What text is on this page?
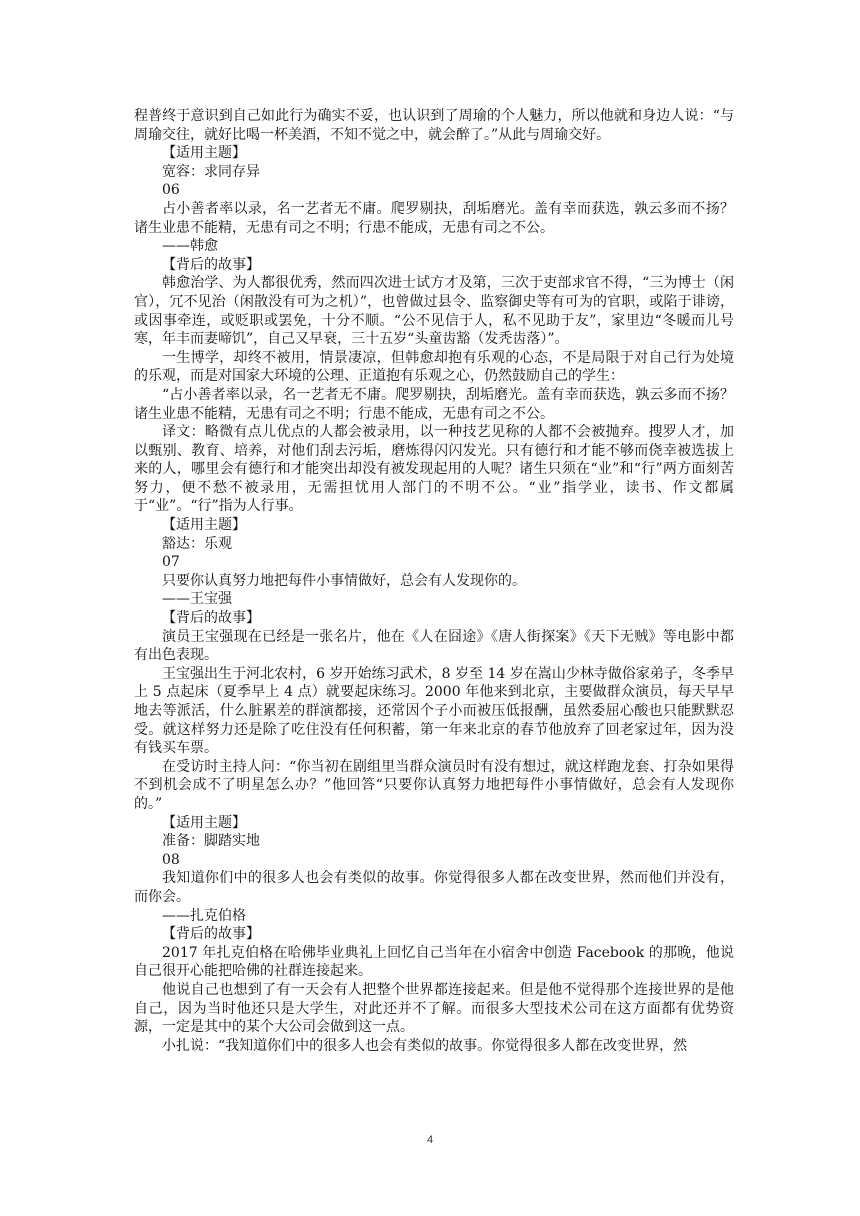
程普终于意识到自己如此行为确实不妥，也认识到了周瑜的个人魅力，所以他就和身边人说：“与周瑜交往，就好比喝一杯美酒，不知不觉之中，就会醉了。”从此与周瑜交好。

【适用主题】

宽容：求同存异

06

占小善者率以录，名一艺者无不庸。爬罗剔抉，刮垢磨光。盖有幸而获选，孰云多而不扬？诸生业患不能精，无患有司之不明；行患不能成，无患有司之不公。

——韩愈

【背后的故事】

韩愈治学、为人都很优秀，然而四次进士试方才及第，三次于吏部求官不得，“三为博士（闲官），冗不见治（闲散没有可为之机）”，也曾做过县令、监察御史等有可为的官职，或陷于诽谤，或因事牵连，或贬职或罢免，十分不顺。“公不见信于人，私不见助于友”，家里边“冬暖而儿号寒，年丰而妻啼饥”，自己又早衰，三十五岁“头童齿豁（发秃齿落）”。

一生博学，却终不被用，情景凄凉，但韩愈却抱有乐观的心态，不是局限于对自己行为处境的乐观，而是对国家大环境的公理、正道抱有乐观之心，仍然鼓励自己的学生：

“占小善者率以录，名一艺者无不庸。爬罗剔抉，刮垢磨光。盖有幸而获选，孰云多而不扬？诸生业患不能精，无患有司之不明；行患不能成，无患有司之不公。

译文：略微有点儿优点的人都会被录用，以一种技艺见称的人都不会被抛弃。搜罗人才，加以甄别、教育、培养，对他们刮去污垢，磨炼得闪闪发光。只有德行和才能不够而侥幸被选拔上来的人，哪里会有德行和才能突出却没有被发现起用的人呢？诸生只须在“业”和“行”两方面刻苦努力，便不愁不被录用，无需担忧用人部门的不明不公。“业”指学业，读书、作文都属于“业”。“行”指为人行事。

【适用主题】

豁达：乐观

07

只要你认真努力地把每件小事情做好，总会有人发现你的。

——王宝强

【背后的故事】

演员王宝强现在已经是一张名片，他在《人在囧途》《唐人街探案》《天下无贼》等电影中都有出色表现。

王宝强出生于河北农村，6 岁开始练习武术，8 岁至 14 岁在嵩山少林寺做俗家弟子，冬季早上 5 点起床（夏季早上 4 点）就要起床练习。2000 年他来到北京，主要做群众演员，每天早早地去等派活，什么脏累差的群演都接，还常因个子小而被压低报酬，虽然委屈心酸也只能默默忍受。就这样努力还是除了吃住没有任何积蓄，第一年来北京的春节他放弃了回老家过年，因为没有钱买车票。

在受访时主持人问：“你当初在剧组里当群众演员时有没有想过，就这样跑龙套、打杂如果得不到机会成不了明星怎么办？”他回答“只要你认真努力地把每件小事情做好，总会有人发现你的。”

【适用主题】

准备：脚踏实地

08

我知道你们中的很多人也会有类似的故事。你觉得很多人都在改变世界，然而他们并没有，而你会。

——扎克伯格

【背后的故事】

2017 年扎克伯格在哈佛毕业典礼上回忆自己当年在小宿舍中创造 Facebook 的那晚，他说自己很开心能把哈佛的社群连接起来。

他说自己也想到了有一天会有人把整个世界都连接起来。但是他不觉得那个连接世界的是他自己，因为当时他还只是大学生，对此还并不了解。而很多大型技术公司在这方面都有优势资源，一定是其中的某个大公司会做到这一点。

小扎说：“我知道你们中的很多人也会有类似的故事。你觉得很多人都在改变世界，然

4
